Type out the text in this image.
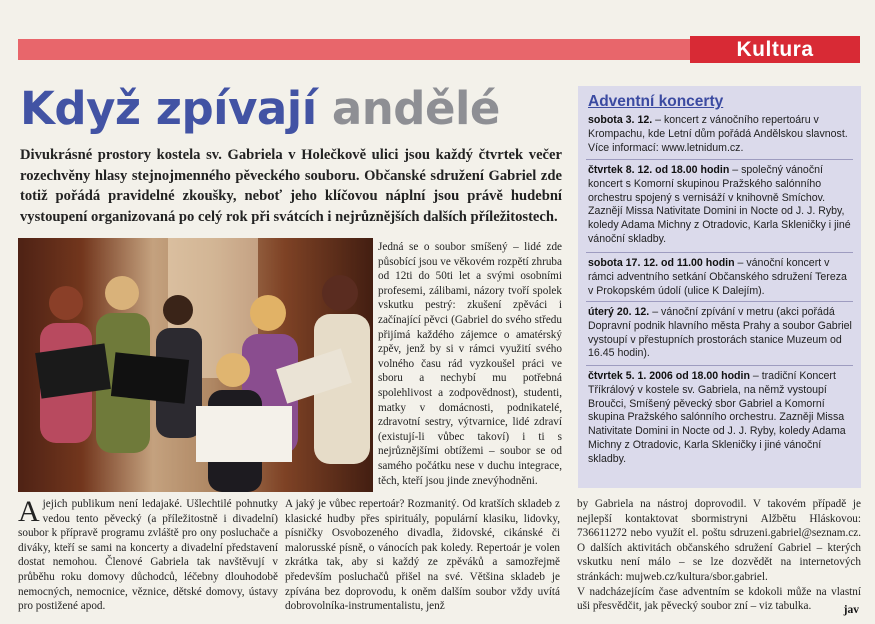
Kultura
Když zpívají andělé
Divukrásné prostory kostela sv. Gabriela v Holečkově ulici jsou každý čtvrtek večer rozechvěny hlasy stejnojmenného pěveckého souboru. Občanské sdružení Gabriel zde totiž pořádá pravidelné zkoušky, neboť jeho klíčovou náplní jsou právě hudební vystoupení organizovaná po celý rok při svátcích i nejrůznějších dalších příležitostech.
Jedná se o soubor smíšený – lidé zde působící jsou ve věkovém rozpětí zhruba od 12ti do 50ti let a svými osobními profesemi, zálibami, názory tvoří spolek vskutku pestrý: zkušení zpěváci i začínající pěvci (Gabriel do svého středu přijímá každého zájemce o amatérský zpěv, jenž by si v rámci využití svého volného času rád vyzkoušel práci ve sboru a nechybí mu potřebná spolehlivost a zodpovědnost), studenti, matky v domácnosti, podnikatelé, zdravotní sestry, výtvarnice, lidé zdraví (existují-li vůbec takoví) i ti s nejrůznějšími obtížemi – soubor se od samého počátku nese v duchu integrace, těch, kteří jsou jinde znevýhodněni.
Ajejich publikum není ledajaké. Ušlechtilé pohnutky vedou tento pěvecký (a příležitostně i divadelní) soubor k přípravě programu zvláště pro ony posluchače a diváky, kteří se sami na koncerty a divadelní představení dostat nemohou. Členové Gabriela tak navštěvují v průběhu roku domovy důchodců, léčebny dlouhodobě nemocných, nemocnice, věznice, dětské domovy, ústavy pro postižené apod.
A jaký je vůbec repertoár? Rozmanitý. Od kratších skladeb z klasické hudby přes spirituály, populární klasiku, lidovky, písničky Osvobozeného divadla, židovské, cikánské či malorusské písně, o vánocích pak koledy. Repertoár je volen zkrátka tak, aby si každý ze zpěváků a samozřejmě především posluchačů přišel na své. Většina skladeb je zpívána bez doprovodu, k oněm dalším soubor vždy uvítá dobrovolníka-instrumentalistu, jenž
by Gabriela na nástroj doprovodil. V takovém případě je nejlepší kontaktovat sbormistryni Alžbětu Hláskovou: 736611272 nebo využít el. poštu sdruzeni.gabriel@seznam.cz. O dalších aktivitách občanského sdružení Gabriel – kterých vskutku není málo – se lze dozvědět na internetových stránkách: mujweb.cz/kultura/sbor.gabriel.
V nadcházejícím čase adventním se kdokoli může na vlastní uši přesvědčit, jak pěvecký soubor zní – viz tabulka.	jav
Adventní koncerty
sobota 3. 12. – koncert z vánočního repertoáru v Krompachu, kde Letní dům pořádá Andělskou slavnost. Více informací: www.letnidum.cz.
čtvrtek 8. 12. od 18.00 hodin – společný vánoční koncert s Komorní skupinou Pražského salónního orchestru spojený s vernisáží v knihovně Smíchov. Zaznějí Missa Nativitate Domini in Nocte od J. J. Ryby, koledy Adama Michny z Otradovic, Karla Skleničky i jiné vánoční skladby.
sobota 17. 12. od 11.00 hodin – vánoční koncert v rámci adventního setkání Občanského sdružení Tereza v Prokopském údolí (ulice K Dalejím).
úterý 20. 12. – vánoční zpívání v metru (akci pořádá Dopravní podnik hlavního města Prahy a soubor Gabriel vystoupí v přestupních prostorách stanice Muzeum od 16.45 hodin).
čtvrtek 5. 1. 2006 od 18.00 hodin – tradiční Koncert Tříkrálový v kostele sv. Gabriela, na němž vystoupí Broučci, Smíšený pěvecký sbor Gabriel a Komorní skupina Pražského salónního orchestru. Zazněji Missa Nativitate Domini in Nocte od J. J. Ryby, koledy Adama Michny z Otradovic, Karla Skleničky i jiné vánoční skladby.
